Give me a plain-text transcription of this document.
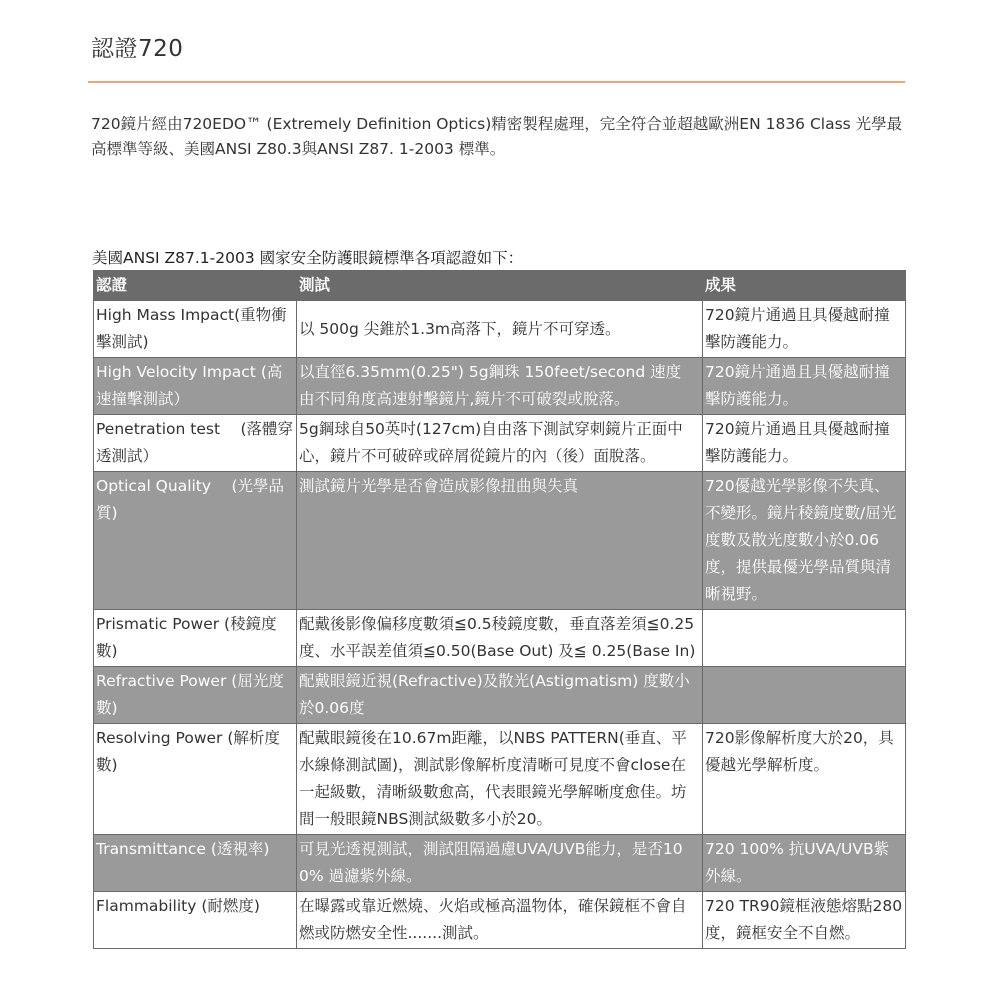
認證720

720鏡片經由720EDO™ (Extremely Definition Optics)精密製程處理，完全符合並超越歐洲EN 1836 Class 光學最高標準等級、美國ANSI Z80.3與ANSI Z87. 1-2003 標準。

美國ANSI Z87.1-2003 國家安全防護眼鏡標準各項認證如下：
認證	測試	成果
High Mass Impact(重物衝擊測試)	以 500g 尖錐於1.3m高落下，鏡片不可穿透。	720鏡片通過且具優越耐撞擊防護能力。
High Velocity Impact (高速撞擊測試）	以直徑6.35mm(0.25") 5g鋼珠 150feet/second 速度 由不同角度高速射擊鏡片,鏡片不可破裂或脫落。	720鏡片通過且具優越耐撞擊防護能力。
Penetration test　 (落體穿透測試）	5g鋼球自50英吋(127cm)自由落下測試穿刺鏡片正面中心，鏡片不可破碎或碎屑從鏡片的內（後）面脫落。	720鏡片通過且具優越耐撞擊防護能力。
Optical Quality　 (光學品質)	測試鏡片光學是否會造成影像扭曲與失真	720優越光學影像不失真、不變形。鏡片稜鏡度數/屈光度數及散光度數小於0.06度，提供最優光學品質與清晰視野。
Prismatic Power (稜鏡度數)	配戴後影像偏移度數須≦0.5稜鏡度數，垂直落差須≦0.25度、水平誤差值須≦0.50(Base Out) 及≦ 0.25(Base In)	
Refractive Power (屈光度數)	配戴眼鏡近視(Refractive)及散光(Astigmatism) 度數小於0.06度	
Resolving Power (解析度數)	配戴眼鏡後在10.67m距離，以NBS PATTERN(垂直、平水線條測試圖)，測試影像解析度清晰可見度不會close在一起級數，清晰級數愈高，代表眼鏡光學解晰度愈佳。坊間一般眼鏡NBS測試級數多小於20。	720影像解析度大於20，具優越光學解析度。
Transmittance (透視率)	可見光透視測試，測試阻隔過慮UVA/UVB能力，是否100% 過濾紫外線。	720 100% 抗UVA/UVB紫外線。
Flammability (耐燃度)	在曝露或靠近燃燒、火焰或極高溫物体，確保鏡框不會自燃或防燃安全性.......測試。	720 TR90鏡框液態熔點280度，鏡框安全不自燃。
